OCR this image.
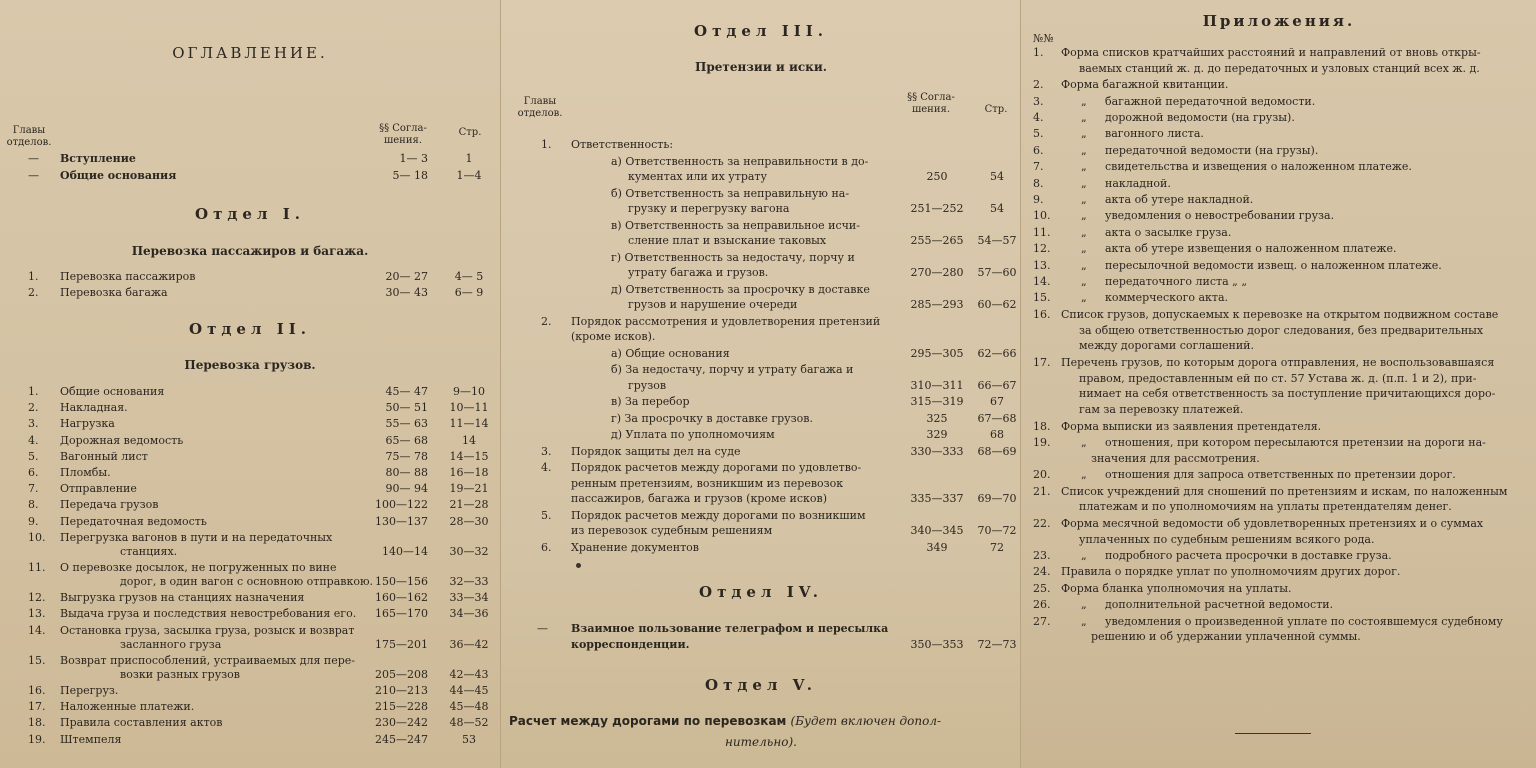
ОГЛАВЛЕНИЕ.
Главы
отделов.
§§ Согла-
шения.
Стр.
— Вступление	1— 3	1
— Общие основания	5— 18	1—4
Отдел I.
Перевозка пассажиров и багажа.
1. Перевозка пассажиров	20— 27	4— 5
2. Перевозка багажа	30— 43	6— 9
Отдел II.
Перевозка грузов.
1. Общие основания	45— 47	9—10
2. Накладная.	50— 51	10—11
3. Нагрузка	55— 63	11—14
4. Дорожная ведомость	65— 68	14
5. Вагонный лист	75— 78	14—15
6. Пломбы.	80— 88	16—18
7. Отправление	90— 94	19—21
8. Передача грузов	100—122	21—28
9. Передаточная ведомость	130—137	28—30
10. Перегрузка вагонов в пути и на передаточных
станциях.	140—14	30—32
11. О перевозке досылок, не погруженных по вине
дорог, в один вагон с основною отправкою. 150—156	32—33
12. Выгрузка грузов на станциях назначения	160—162	33—34
13. Выдача груза и последствия невостребования его.	165—170	34—36
14. Остановка груза, засылка груза, розыск и возврат
засланного груза	175—201	36—42
15. Возврат приспособлений, устраиваемых для пере-
возки разных грузов	205—208	42—43
16. Перегруз.	210—213	44—45
17. Наложенные платежи.	215—228	45—48
18. Правила составления актов	230—242	48—52
19. Штемпеля	245—247	53
Отдел III.
Претензии и иски.
Главы
отделов.
§§ Согла-
шения.	Стр.
1. Ответственность:
а) Ответственность за неправильности в до-
кументах или их утрату	250	54
б) Ответственность за неправильную на-
грузку и перегрузку вагона	251—252	54
в) Ответственность за неправильное исчи-
сление плат и взыскание таковых	255—265	54—57
г) Ответственность за недостачу, порчу и
утрату багажа и грузов.	270—280	57—60
д) Ответственность за просрочку в доставке
грузов и нарушение очереди	285—293	60—62
2. Порядок рассмотрения и удовлетворения претензий
(кроме исков).
а) Общие основания	295—305	62—66
б) За недостачу, порчу и утрату багажа и
грузов	310—311	66—67
в) За перебор	315—319	67
г) За просрочку в доставке грузов.	325	67—68
д) Уплата по уполномочиям	329	68
3. Порядок защиты дел на суде	330—333	68—69
4. Порядок расчетов между дорогами по удовлетво-
ренным претензиям, возникшим из перевозок
пассажиров, багажа и грузов (кроме исков)	335—337	69—70
5. Порядок расчетов между дорогами по возникшим
из перевозок судебным решениям	340—345	70—72
6. Хранение документов	349	72
Отдел IV.
— Взаимное пользование телеграфом и пересылка
корреспонденции.	350—353	72—73
Отдел V.
Расчет между дорогами по перевозкам (Будет включен допол-
нительно).
Приложения.
№№
1. Форма списков кратчайших расстояний и направлений от вновь откры-
ваемых станций ж. д. до передаточных и узловых станций всех ж. д.
2. Форма багажной квитанции.
3.	„ багажной передаточной ведомости.
4.	„ дорожной ведомости (на грузы).
5.	„ вагонного листа.
6.	„ передаточной ведомости (на грузы).
7.	„ свидетельства и извещения о наложенном платеже.
8.	„ накладной.
9.	„ акта об утере накладной.
10.	„ уведомления о невостребовании груза.
11.	„ акта о засылке груза.
12.	„ акта об утере извещения о наложенном платеже.
13.	„ пересылочной ведомости извещ. о наложенном платеже.
14.	„ передаточного листа „ „
15.	„ коммерческого акта.
16. Список грузов, допускаемых к перевозке на открытом подвижном составе
за общею ответственностью дорог следования, без предварительных
между дорогами соглашений.
17. Перечень грузов, по которым дорога отправления, не воспользовавшаяся
правом, предоставленным ей по ст. 57 Устава ж. д. (п.п. 1 и 2), при-
нимает на себя ответственность за поступление причитающихся доро-
гам за перевозку платежей.
18. Форма выписки из заявления претендателя.
19.	„ отношения, при котором пересылаются претензии на дороги на-
значения для рассмотрения.
20.	„ отношения для запроса ответственных по претензии дорог.
21. Список учреждений для сношений по претензиям и искам, по наложенным
платежам и по уполномочиям на уплаты претендателям денег.
22. Форма месячной ведомости об удовлетворенных претензиях и о суммах
уплаченных по судебным решениям всякого рода.
23.	„ подробного расчета просрочки в доставке груза.
24. Правила о порядке уплат по уполномочиям других дорог.
25. Форма бланка уполномочия на уплаты.
26.	„ дополнительной расчетной ведомости.
27.	„ уведомления о произведенной уплате по состоявшемуся судебному
решению и об удержании уплаченной суммы.
